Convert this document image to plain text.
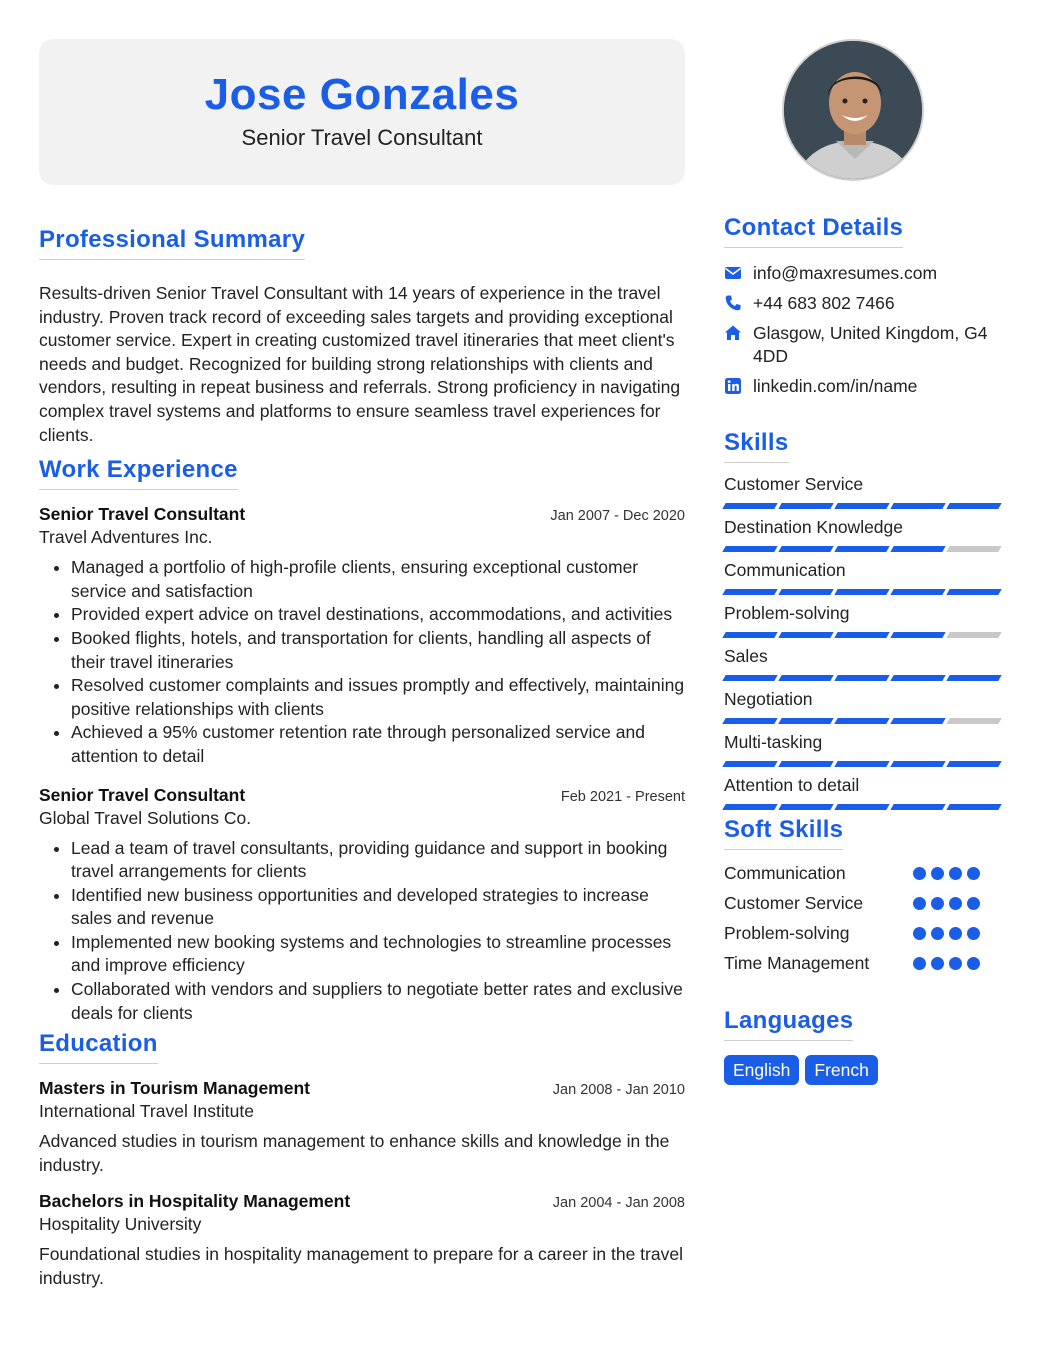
Jose Gonzales
Senior Travel Consultant
Professional Summary
Results-driven Senior Travel Consultant with 14 years of experience in the travel industry. Proven track record of exceeding sales targets and providing exceptional customer service. Expert in creating customized travel itineraries that meet client's needs and budget. Recognized for building strong relationships with clients and vendors, resulting in repeat business and referrals. Strong proficiency in navigating complex travel systems and platforms to ensure seamless travel experiences for clients.
Work Experience
Senior Travel Consultant	Jan 2007 - Dec 2020
Travel Adventures Inc.
• Managed a portfolio of high-profile clients, ensuring exceptional customer service and satisfaction
• Provided expert advice on travel destinations, accommodations, and activities
• Booked flights, hotels, and transportation for clients, handling all aspects of their travel itineraries
• Resolved customer complaints and issues promptly and effectively, maintaining positive relationships with clients
• Achieved a 95% customer retention rate through personalized service and attention to detail
Senior Travel Consultant	Feb 2021 - Present
Global Travel Solutions Co.
• Lead a team of travel consultants, providing guidance and support in booking travel arrangements for clients
• Identified new business opportunities and developed strategies to increase sales and revenue
• Implemented new booking systems and technologies to streamline processes and improve efficiency
• Collaborated with vendors and suppliers to negotiate better rates and exclusive deals for clients
Education
Masters in Tourism Management	Jan 2008 - Jan 2010
International Travel Institute
Advanced studies in tourism management to enhance skills and knowledge in the industry.
Bachelors in Hospitality Management	Jan 2004 - Jan 2008
Hospitality University
Foundational studies in hospitality management to prepare for a career in the travel industry.
Contact Details
info@maxresumes.com
+44 683 802 7466
Glasgow, United Kingdom, G4 4DD
linkedin.com/in/name
Skills
Customer Service
Destination Knowledge
Communication
Problem-solving
Sales
Negotiation
Multi-tasking
Attention to detail
Soft Skills
Communication
Customer Service
Problem-solving
Time Management
Languages
English	French
